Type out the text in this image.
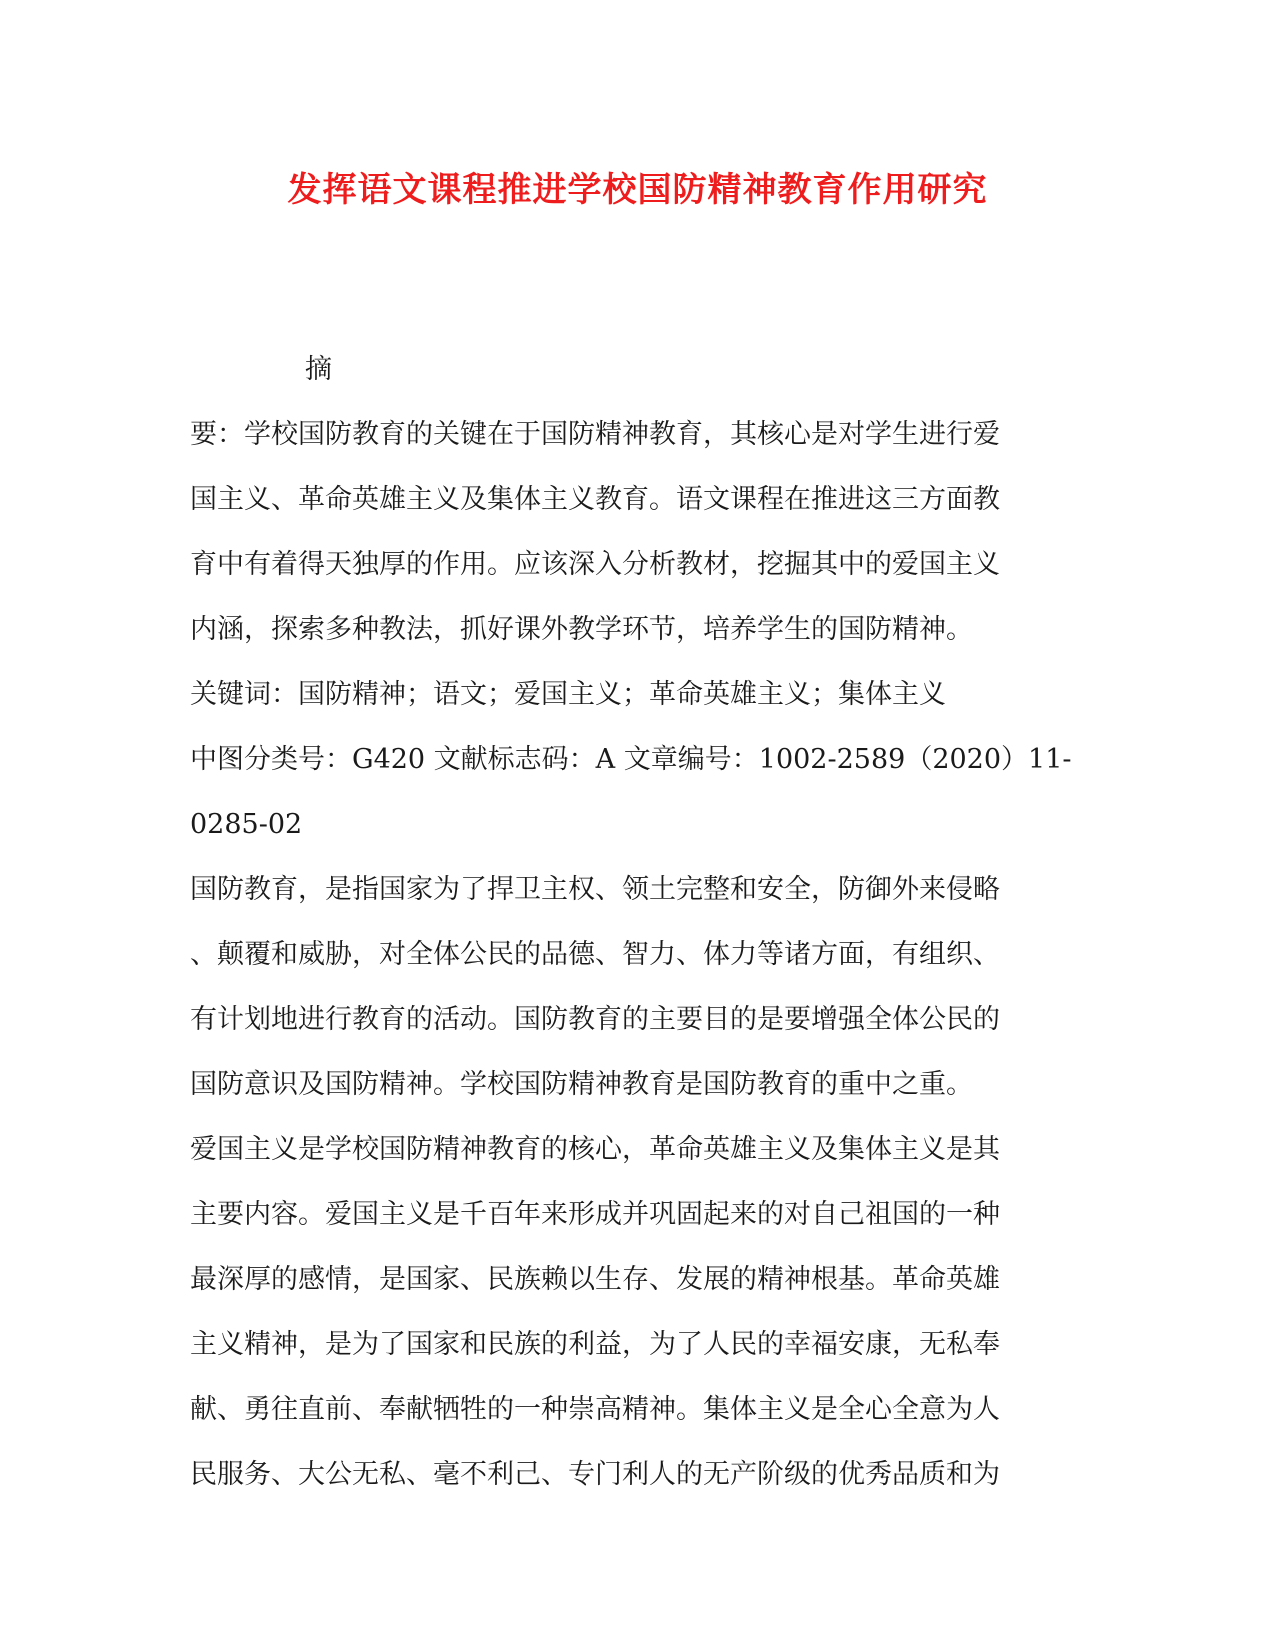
发挥语文课程推进学校国防精神教育作用研究
摘
要：学校国防教育的关键在于国防精神教育，其核心是对学生进行爱
国主义、革命英雄主义及集体主义教育。语文课程在推进这三方面教
育中有着得天独厚的作用。应该深入分析教材，挖掘其中的爱国主义
内涵，探索多种教法，抓好课外教学环节，培养学生的国防精神。
关键词：国防精神；语文；爱国主义；革命英雄主义；集体主义
中图分类号：G420 文献标志码：A 文章编号：1002-2589（2020）11-
0285-02
国防教育，是指国家为了捍卫主权、领土完整和安全，防御外来侵略
、颠覆和威胁，对全体公民的品德、智力、体力等诸方面，有组织、
有计划地进行教育的活动。国防教育的主要目的是要增强全体公民的
国防意识及国防精神。学校国防精神教育是国防教育的重中之重。
爱国主义是学校国防精神教育的核心，革命英雄主义及集体主义是其
主要内容。爱国主义是千百年来形成并巩固起来的对自己祖国的一种
最深厚的感情，是国家、民族赖以生存、发展的精神根基。革命英雄
主义精神，是为了国家和民族的利益，为了人民的幸福安康，无私奉
献、勇往直前、奉献牺牲的一种崇高精神。集体主义是全心全意为人
民服务、大公无私、毫不利己、专门利人的无产阶级的优秀品质和为
